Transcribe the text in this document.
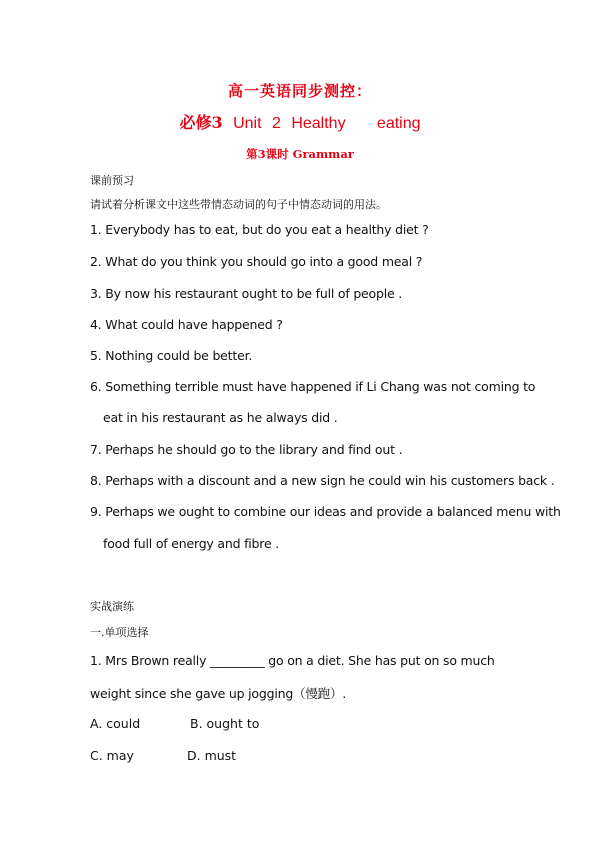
高一英语同步测控：
必修3 Unit 2 Healthy   eating
第3课时 Grammar
课前预习
请试着分析课文中这些带情态动词的句子中情态动词的用法。
1. Everybody has to eat, but do you eat a healthy diet ?
2. What do you think you should go into a good meal ?
3. By now his restaurant ought to be full of people .
4. What could have happened ?
5. Nothing could be better.
6. Something terrible must have happened if Li Chang was not coming to
eat in his restaurant as he always did .
7. Perhaps he should go to the library and find out .
8. Perhaps with a discount and a new sign he could win his customers back .
9. Perhaps we ought to combine our ideas and provide a balanced menu with
food full of energy and fibre .
实战演练
一.单项选择
1. Mrs Brown really _________ go on a diet. She has put on so much
weight since she gave up jogging（慢跑）.
A. could	B. ought to
C. may	D. must
